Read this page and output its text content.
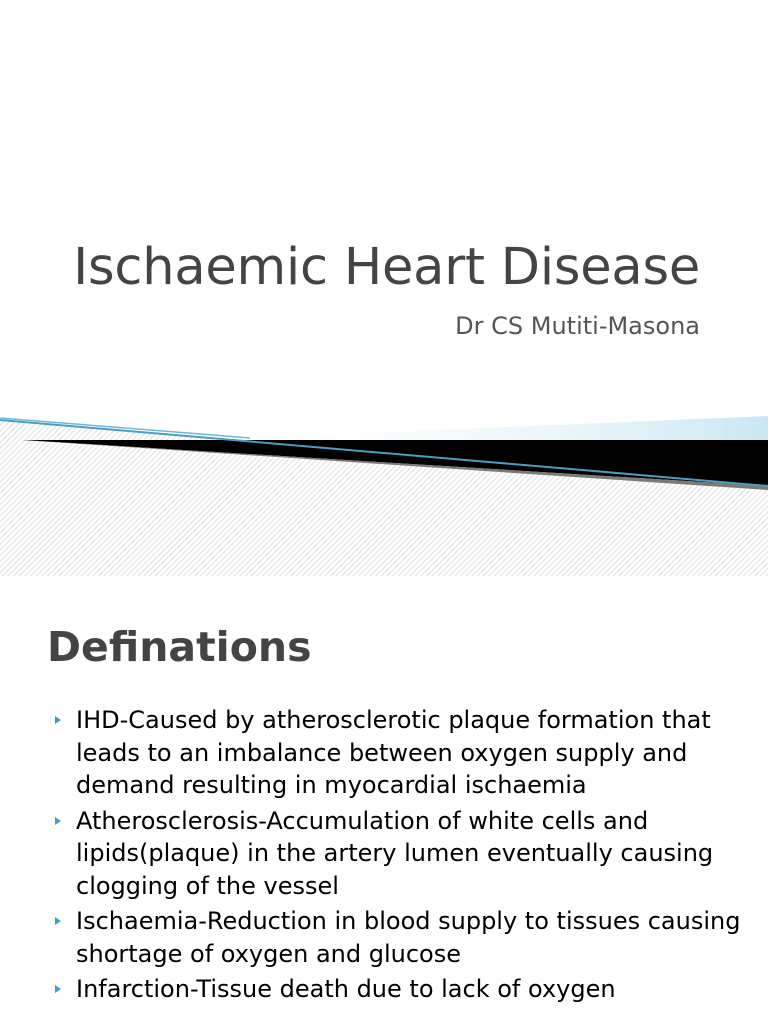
Ischaemic Heart Disease

Dr CS Mutiti-Masona

1
Definations
IHD-Caused by atherosclerotic plaque formation that leads to an imbalance between oxygen supply and demand resulting in myocardial ischaemia
Atherosclerosis-Accumulation of white cells and lipids(plaque) in the artery lumen eventually causing clogging of the vessel
Ischaemia-Reduction in blood supply to tissues causing shortage of oxygen and glucose
Infarction-Tissue death due to lack of oxygen
